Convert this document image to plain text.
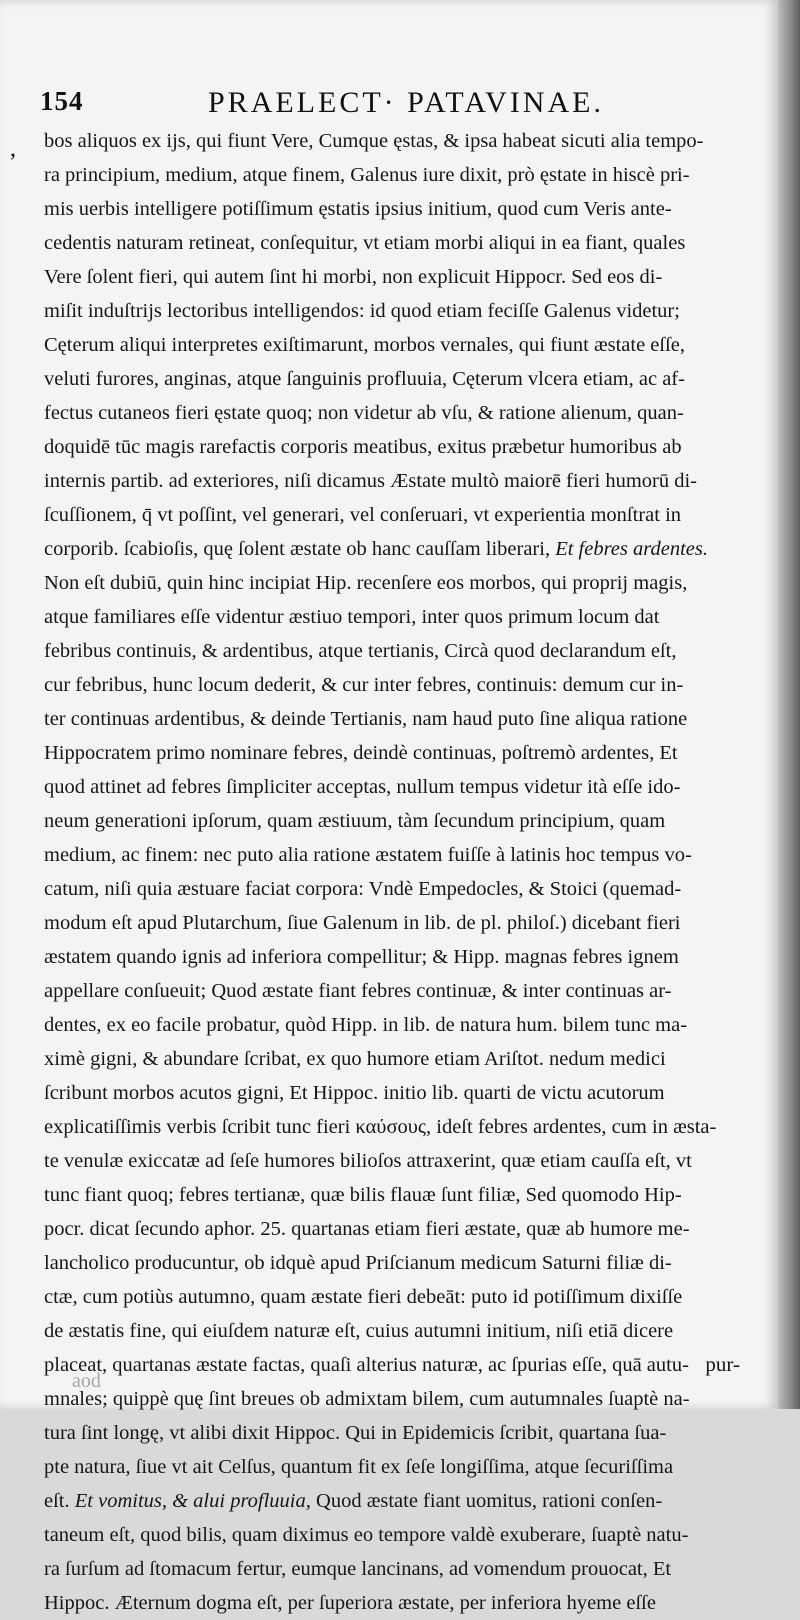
154	PRAELECT· PATAVINAE.
, bos aliquos ex ijs, qui fiunt Vere, Cumque ęstas, & ipsa habeat sicuti alia tempo-
ra principium, medium, atque finem, Galenus iure dixit, prò ęstate in hiscè pri-
mis uerbis intelligere potiſſimum ęstatis ipsius initium, quod cum Veris ante-
cedentis naturam retineat, conſequitur, vt etiam morbi aliqui in ea fiant, quales
Vere ſolent fieri, qui autem ſint hi morbi, non explicuit Hippocr. Sed eos di-
miſit induſtrijs lectoribus intelligendos: id quod etiam feciſſe Galenus videtur;
Cęterum aliqui interpretes exiſtimarunt, morbos vernales, qui fiunt æstate eſſe,
veluti furores, anginas, atque ſanguinis profluuia, Cęterum vlcera etiam, ac af-
fectus cutaneos fieri ęstate quoq; non videtur ab vſu, & ratione alienum, quan-
doquidē tūc magis rarefactis corporis meatibus, exitus præbetur humoribus ab
internis partib. ad exteriores, niſi dicamus Æstate multò maiorē fieri humorū di-
ſcuſſionem, q̄ vt poſſint, vel generari, vel conſeruari, vt experientia monſtrat in
corporib. ſcabioſis, quę ſolent æstate ob hanc cauſſam liberari, Et febres ardentes.
Non eſt dubiū, quin hinc incipiat Hip. recenſere eos morbos, qui proprij magis,
atque familiares eſſe videntur æstiuo tempori, inter quos primum locum dat
febribus continuis, & ardentibus, atque tertianis, Circà quod declarandum eſt,
cur febribus, hunc locum dederit, & cur inter febres, continuis: demum cur in-
ter continuas ardentibus, & deinde Tertianis, nam haud puto ſine aliqua ratione
Hippocratem primo nominare febres, deindè continuas, poſtremò ardentes, Et
quod attinet ad febres ſimpliciter acceptas, nullum tempus videtur ità eſſe ido-
neum generationi ipſorum, quam æstiuum, tàm ſecundum principium, quam
medium, ac finem: nec puto alia ratione æstatem fuiſſe à latinis hoc tempus vo-
catum, niſi quia æstuare faciat corpora: Vndè Empedocles, & Stoici (quemad-
modum eſt apud Plutarchum, ſiue Galenum in lib. de pl. philoſ.) dicebant fieri
æstatem quando ignis ad inferiora compellitur; & Hipp. magnas febres ignem
appellare conſueuit; Quod æstate fiant febres continuæ, & inter continuas ar-
dentes, ex eo facile probatur, quòd Hipp. in lib. de natura hum. bilem tunc ma-
ximè gigni, & abundare ſcribat, ex quo humore etiam Ariſtot. nedum medici
ſcribunt morbos acutos gigni, Et Hippoc. initio lib. quarti de victu acutorum
explicatiſſimis verbis ſcribit tunc fieri καύσους, ideſt febres ardentes, cum in æsta-
te venulæ exiccatæ ad ſeſe humores bilioſos attraxerint, quæ etiam cauſſa eſt, vt
tunc fiant quoq; febres tertianæ, quæ bilis flauæ ſunt filiæ, Sed quomodo Hip-
pocr. dicat ſecundo aphor. 25. quartanas etiam fieri æstate, quæ ab humore me-
lancholico producuntur, ob idquè apud Priſcianum medicum Saturni filiæ di-
ctæ, cum potiùs autumno, quam æstate fieri debeāt: puto id potiſſimum dixiſſe
de æstatis fine, qui eiuſdem naturæ eſt, cuius autumni initium, niſi etiā dicere
placeat, quartanas æstate factas, quaſi alterius naturæ, ac ſpurias eſſe, quā autu-
mnales; quippè quę ſint breues ob admixtam bilem, cum autumnales ſuaptè na-
tura ſint longę, vt alibi dixit Hippoc. Qui in Epidemicis ſcribit, quartana ſua-
pte natura, ſiue vt ait Celſus, quantum fit ex ſeſe longiſſima, atque ſecuriſſima
eſt. Et vomitus, & alui profluuia, Quod æstate fiant uomitus, rationi conſen-
taneum eſt, quod bilis, quam diximus eo tempore valdè exuberare, ſuaptè natu-
ra ſurſum ad ſtomacum fertur, eumque lancinans, ad vomendum prouocat, Et
Hippoc. Æternum dogma eſt, per ſuperiora æstate, per inferiora hyeme eſſe
pur-
aod
